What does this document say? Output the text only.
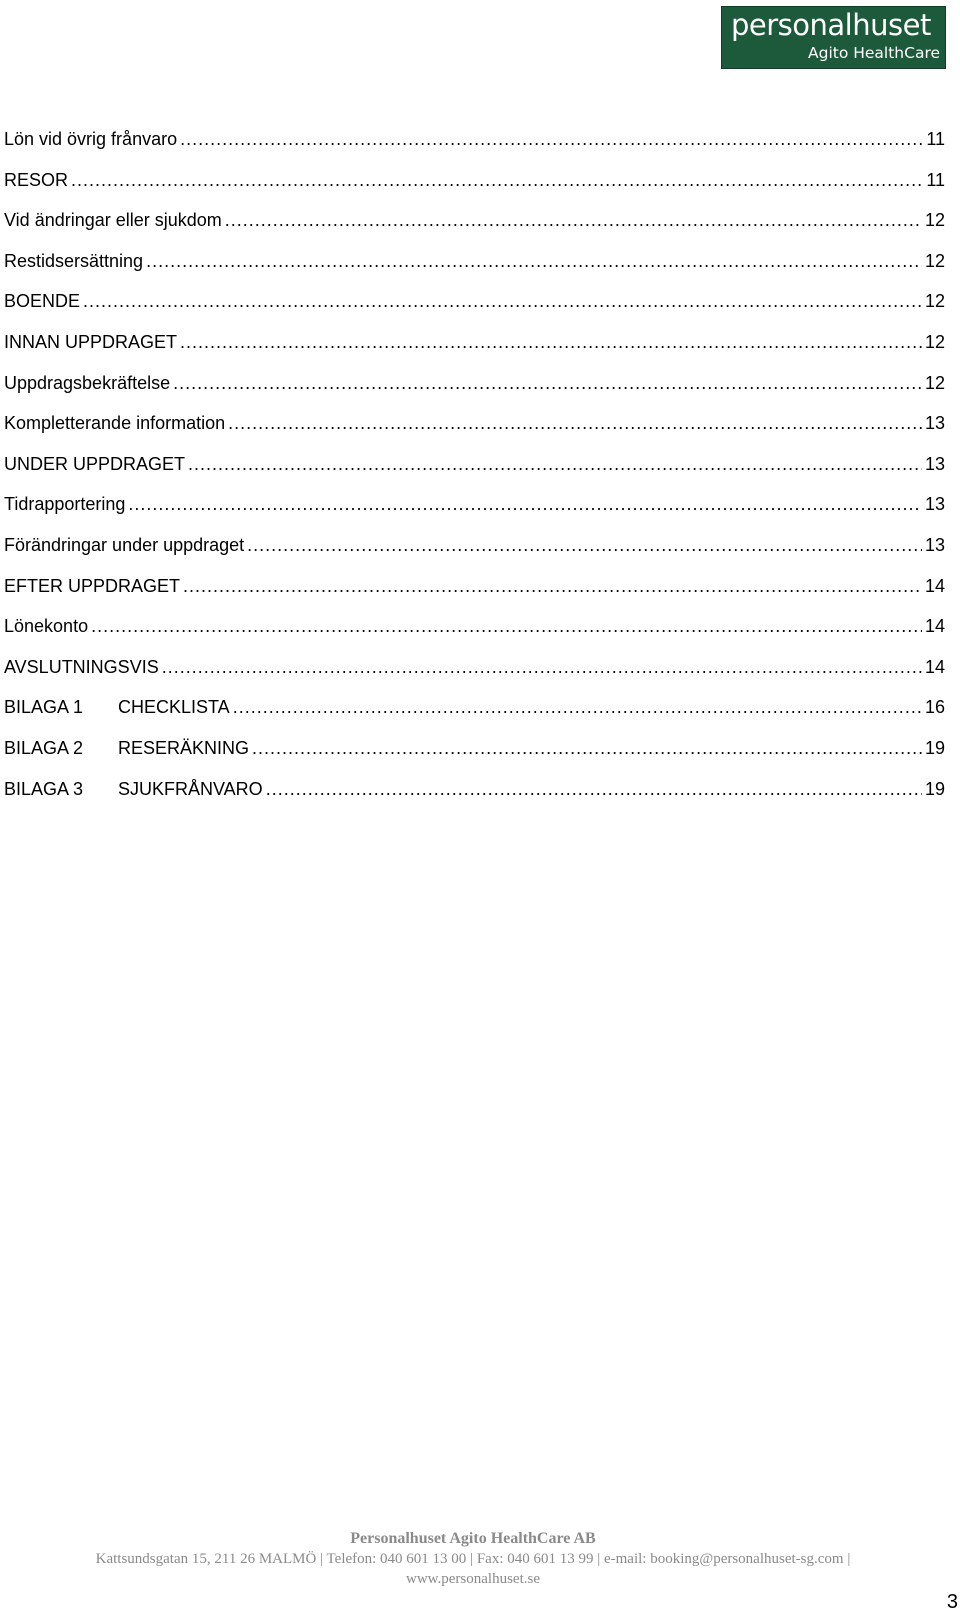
personalhuset
Agito HealthCare
Lön vid övrig frånvaro .....	11
RESOR .....	11
Vid ändringar eller sjukdom .....	12
Restidsersättning .....	12
BOENDE .....	12
INNAN UPPDRAGET .....	12
Uppdragsbekräftelse .....	12
Kompletterande information .....	13
UNDER UPPDRAGET .....	13
Tidrapportering .....	13
Förändringar under uppdraget .....	13
EFTER UPPDRAGET .....	14
Lönekonto .....	14
AVSLUTNINGSVIS .....	14
BILAGA 1	CHECKLISTA .....	16
BILAGA 2	RESERÄKNING .....	19
BILAGA 3	SJUKFRÅNVARO .....	19
Personalhuset Agito HealthCare AB
Kattsundsgatan 15, 211 26 MALMÖ | Telefon: 040 601 13 00 | Fax: 040 601 13 99 | e-mail: booking@personalhuset-sg.com |
www.personalhuset.se
3
